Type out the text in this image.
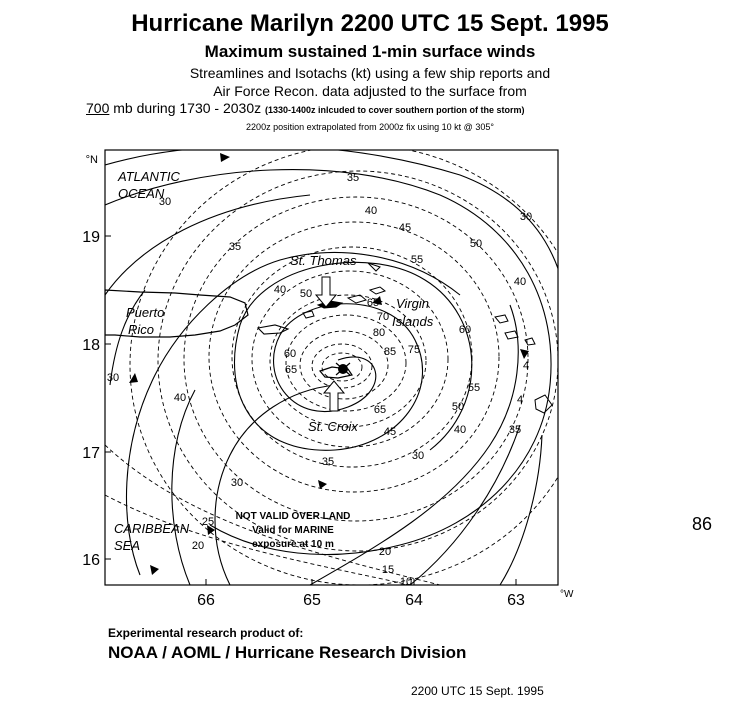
Hurricane Marilyn 2200 UTC 15 Sept. 1995
Maximum sustained 1-min surface winds
Streamlines and Isotachs (kt) using a few ship reports and
Air Force Recon. data adjusted to the surface from
700 mb during 1730 - 2030z (1330-1400z inlcuded to cover southern portion of the storm)
2200z position extrapolated from 2000z fix using 10 kt @ 305°
19
18
17
16
66	65	64	63
°N
°W
35
40
45
50
55
60
65
70
75
80
85
50
40
65
65
45
30
50
40	35
55
35
30
25
20	20
15
10
30
35
30
40
30
40
60
4
4
ATLANTIC
OCEAN
Puerto
Rico
Virgin
Islands
St. Thomas
St. Croix
CARIBBEAN
SEA
NOT VALID OVER LAND
Valid for MARINE
exposure at 10 m
86
Experimental research product of:
NOAA / AOML / Hurricane Research Division
2200 UTC 15 Sept. 1995
